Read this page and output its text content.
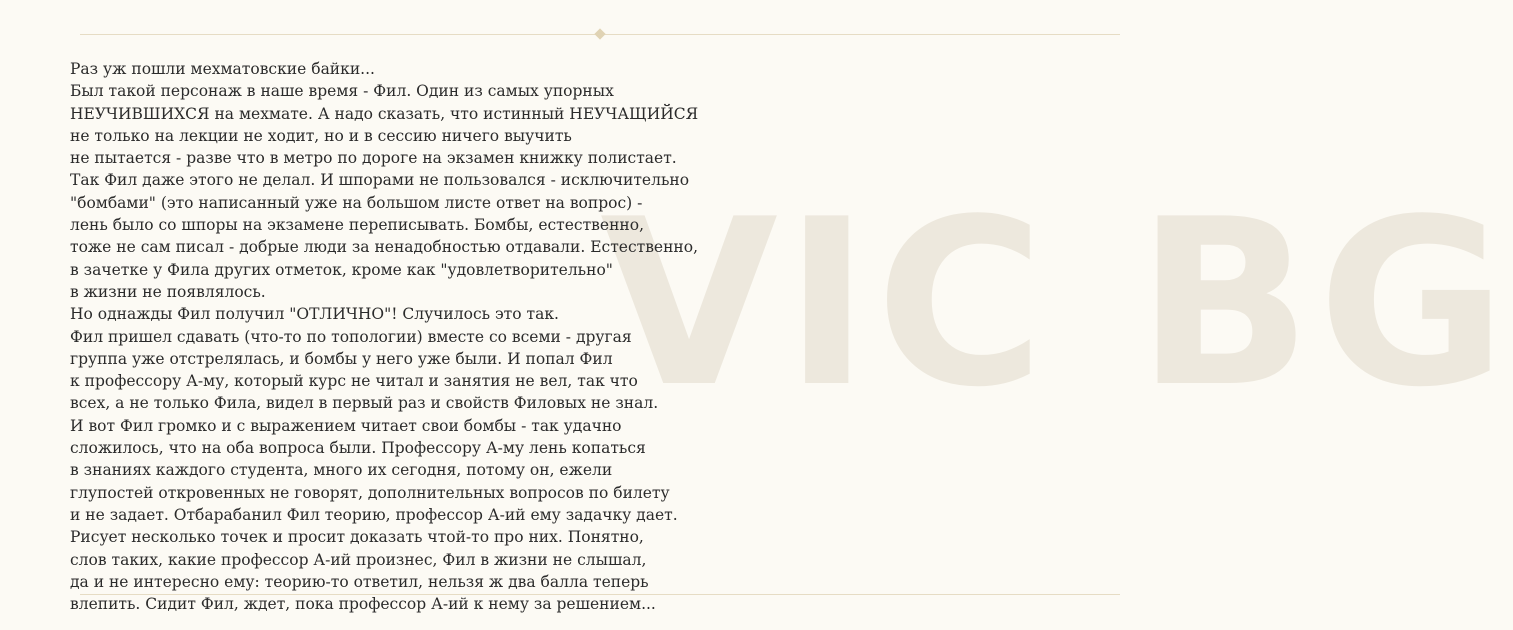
VIC BG
Раз уж пошли мехматовские байки...
Был такой персонаж в наше время - Фил. Один из самых упорных
НЕУЧИВШИХСЯ на мехмате. А надо сказать, что истинный НЕУЧАЩИЙСЯ
не только на лекции не ходит, но и в сессию ничего выучить
не пытается - разве что в метро по дороге на экзамен книжку полистает.
Так Фил даже этого не делал. И шпорами не пользовался - исключительно
"бомбами" (это написанный уже на большом листе ответ на вопрос) -
лень было со шпоры на экзамене переписывать. Бомбы, естественно,
тоже не сам писал - добрые люди за ненадобностью отдавали. Естественно,
в зачетке у Фила других отметок, кроме как "удовлетворительно"
в жизни не появлялось.
Но однажды Фил получил "ОТЛИЧНО"! Случилось это так.
Фил пришел сдавать (что-то по топологии) вместе со всеми - другая
группа уже отстрелялась, и бомбы у него уже были. И попал Фил
к профессору А-му, который курс не читал и занятия не вел, так что
всех, а не только Фила, видел в первый раз и свойств Филовых не знал.
И вот Фил громко и с выражением читает свои бомбы - так удачно
сложилось, что на оба вопроса были. Профессору А-му лень копаться
в знаниях каждого студента, много их сегодня, потому он, ежели
глупостей откровенных не говорят, дополнительных вопросов по билету
и не задает. Отбарабанил Фил теорию, профессор А-ий ему задачку дает.
Рисует несколько точек и просит доказать чтой-то про них. Понятно,
слов таких, какие профессор А-ий произнес, Фил в жизни не слышал,
да и не интересно ему: теорию-то ответил, нельзя ж два балла теперь
влепить. Сидит Фил, ждет, пока профессор А-ий к нему за решением...
